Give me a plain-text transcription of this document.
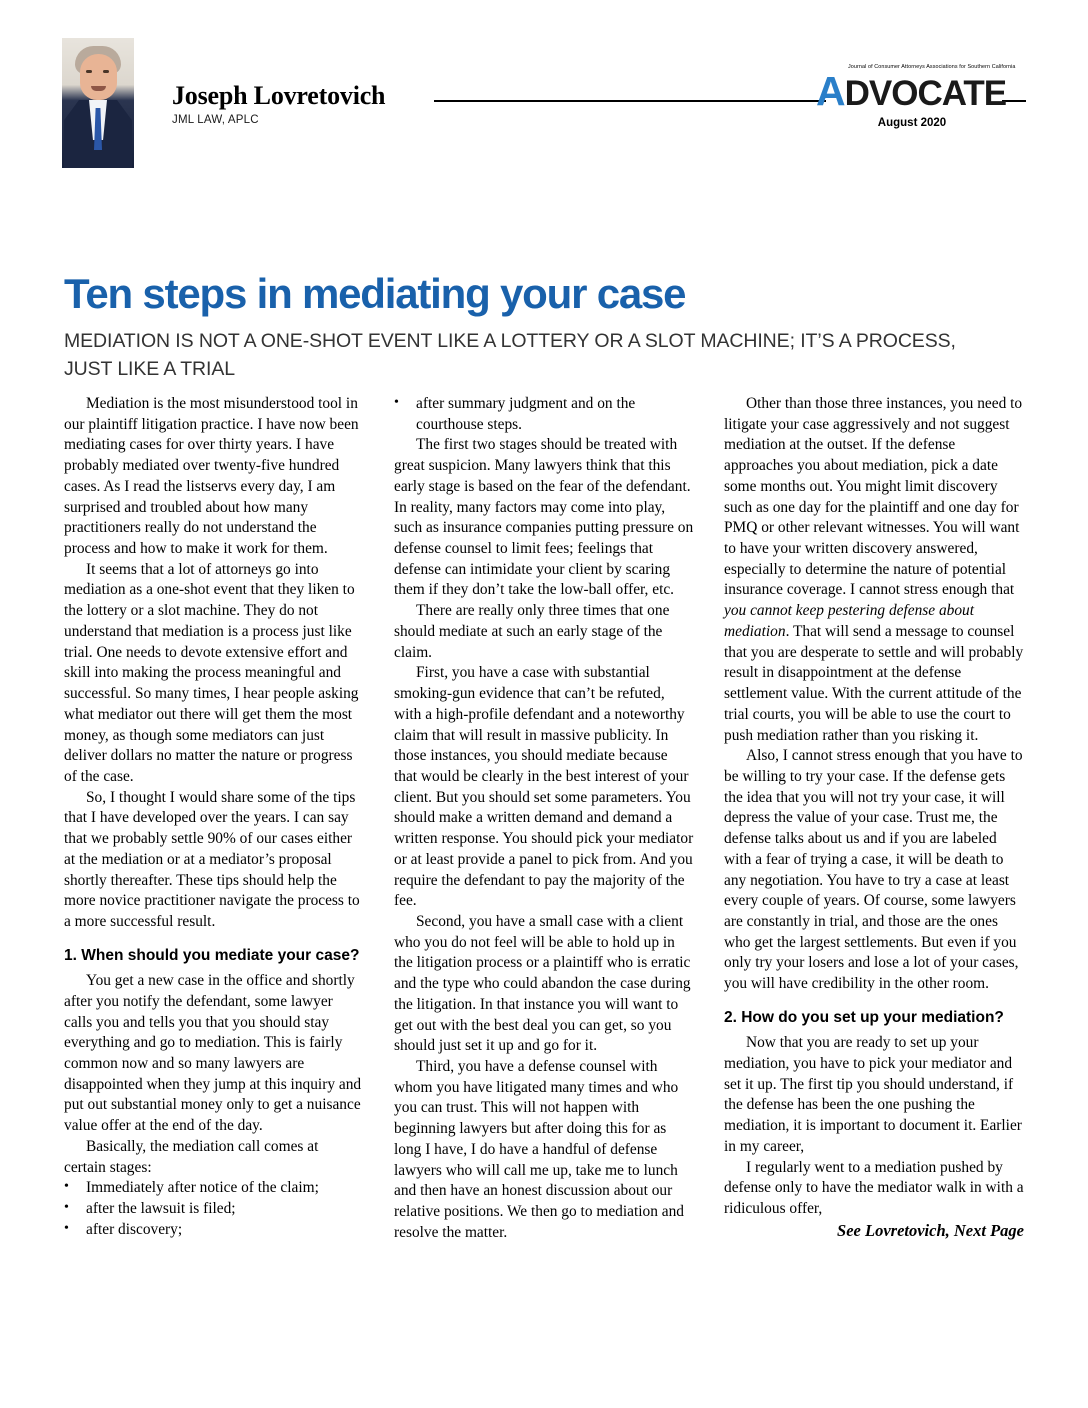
Joseph Lovretovich
JML LAW, APLC
Journal of Consumer Attorneys Associations for Southern California
ADVOCATE
August 2020
Ten steps in mediating your case
MEDIATION IS NOT A ONE-SHOT EVENT LIKE A LOTTERY OR A SLOT MACHINE; IT’S A PROCESS, JUST LIKE A TRIAL

Mediation is the most misunderstood tool in our plaintiff litigation practice. I have now been mediating cases for over thirty years. I have probably mediated over twenty-five hundred cases. As I read the listservs every day, I am surprised and troubled about how many practitioners really do not understand the process and how to make it work for them.

It seems that a lot of attorneys go into mediation as a one-shot event that they liken to the lottery or a slot machine. They do not understand that mediation is a process just like trial. One needs to devote extensive effort and skill into making the process meaningful and successful. So many times, I hear people asking what mediator out there will get them the most money, as though some mediators can just deliver dollars no matter the nature or progress of the case.

So, I thought I would share some of the tips that I have developed over the years. I can say that we probably settle 90% of our cases either at the mediation or at a mediator’s proposal shortly thereafter. These tips should help the more novice practitioner navigate the process to a more successful result.

1. When should you mediate your case?

You get a new case in the office and shortly after you notify the defendant, some lawyer calls you and tells you that you should stay everything and go to mediation. This is fairly common now and so many lawyers are disappointed when they jump at this inquiry and put out substantial money only to get a nuisance value offer at the end of the day.

Basically, the mediation call comes at certain stages:

•	Immediately after notice of the claim;
•	after the lawsuit is filed;
•	after discovery;
•	after summary judgment and on the courthouse steps.

The first two stages should be treated with great suspicion. Many lawyers think that this early stage is based on the fear of the defendant. In reality, many factors may come into play, such as insurance companies putting pressure on defense counsel to limit fees; feelings that defense can intimidate your client by scaring them if they don’t take the low-ball offer, etc.

There are really only three times that one should mediate at such an early stage of the claim.

First, you have a case with substantial smoking-gun evidence that can’t be refuted, with a high-profile defendant and a noteworthy claim that will result in massive publicity. In those instances, you should mediate because that would be clearly in the best interest of your client. But you should set some parameters. You should make a written demand and demand a written response. You should pick your mediator or at least provide a panel to pick from. And you require the defendant to pay the majority of the fee.

Second, you have a small case with a client who you do not feel will be able to hold up in the litigation process or a plaintiff who is erratic and the type who could abandon the case during the litigation. In that instance you will want to get out with the best deal you can get, so you should just set it up and go for it.

Third, you have a defense counsel with whom you have litigated many times and who you can trust. This will not happen with beginning lawyers but after doing this for as long I have, I do have a handful of defense lawyers who will call me up, take me to lunch and then have an honest discussion about our relative positions. We then go to mediation and resolve the matter.

Other than those three instances, you need to litigate your case aggressively and not suggest mediation at the outset. If the defense approaches you about mediation, pick a date some months out. You might limit discovery such as one day for the plaintiff and one day for PMQ or other relevant witnesses. You will want to have your written discovery answered, especially to determine the nature of potential insurance coverage. I cannot stress enough that you cannot keep pestering defense about mediation. That will send a message to counsel that you are desperate to settle and will probably result in disappointment at the defense settlement value. With the current attitude of the trial courts, you will be able to use the court to push mediation rather than you risking it.

Also, I cannot stress enough that you have to be willing to try your case. If the defense gets the idea that you will not try your case, it will depress the value of your case. Trust me, the defense talks about us and if you are labeled with a fear of trying a case, it will be death to any negotiation. You have to try a case at least every couple of years. Of course, some lawyers are constantly in trial, and those are the ones who get the largest settlements. But even if you only try your losers and lose a lot of your cases, you will have credibility in the other room.

2. How do you set up your mediation?

Now that you are ready to set up your mediation, you have to pick your mediator and set it up. The first tip you should understand, if the defense has been the one pushing the mediation, it is important to document it. Earlier in my career,

I regularly went to a mediation pushed by defense only to have the mediator walk in with a ridiculous offer,

See Lovretovich, Next Page
